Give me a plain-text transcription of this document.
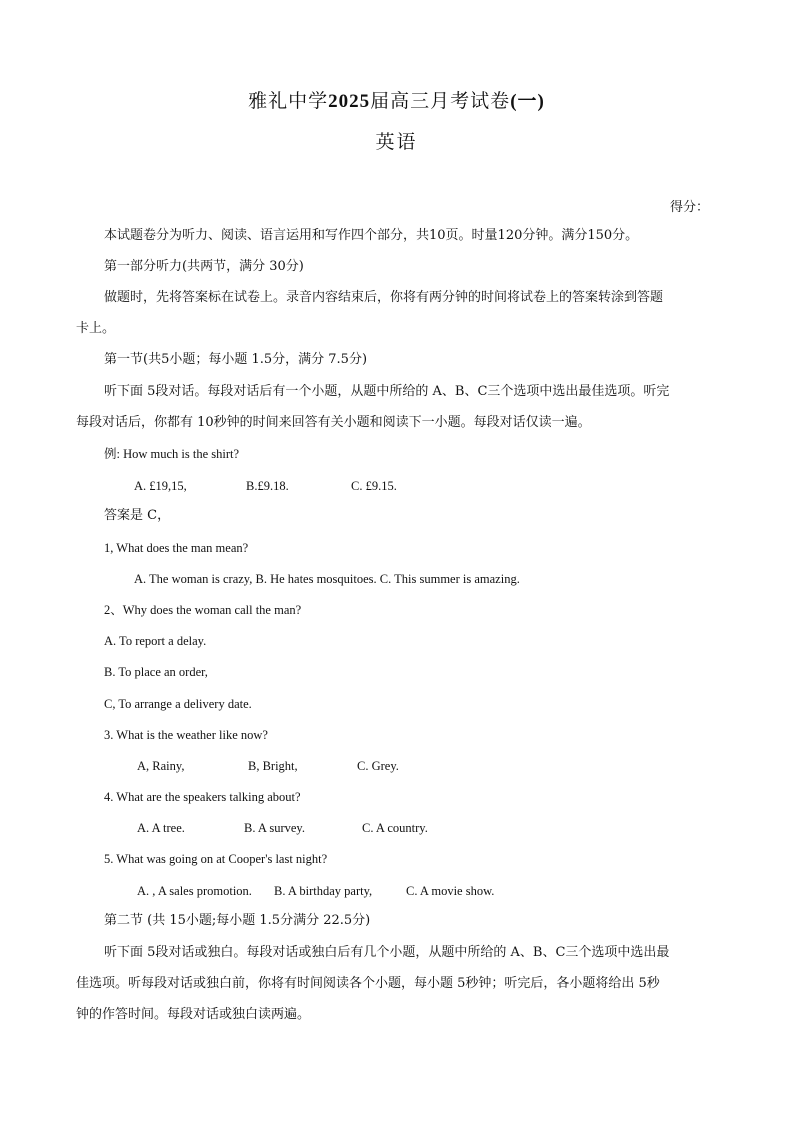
雅礼中学2025届高三月考试卷(一)
英语
得分：
本试题卷分为听力、阅读、语言运用和写作四个部分，共10页。时量120分钟。满分150分。
第一部分听力(共两节，满分 30分)
做题时，先将答案标在试卷上。录音内容结束后，你将有两分钟的时间将试卷上的答案转涂到答题
卡上。
第一节(共5小题；每小题 1.5分，满分 7.5分)
听下面 5段对话。每段对话后有一个小题，从题中所给的 A、B、C三个选项中选出最佳选项。听完
每段对话后，你都有 10秒钟的时间来回答有关小题和阅读下一小题。每段对话仅读一遍。
例: How much is the shirt?
A. £19,15,	B.£9.18.	C. £9.15.
答案是 C，
1, What does the man mean?
A. The woman is crazy, B. He hates mosquitoes. C. This summer is amazing.
2、Why does the woman call the man?
A. To report a delay.
B. To place an order,
C, To arrange a delivery date.
3. What is the weather like now?
A, Rainy,	B, Bright,	C. Grey.
4. What are the speakers talking about?
A. A tree.	B. A survey.	C. A country.
5. What was going on at Cooper's last night?
A. , A sales promotion. B. A birthday party,	C. A movie show.
第二节 (共 15小题;每小题 1.5分满分 22.5分)
听下面 5段对话或独白。每段对话或独白后有几个小题，从题中所给的 A、B、C三个选项中选出最
佳选项。听每段对话或独白前，你将有时间阅读各个小题，每小题 5秒钟；听完后，各小题将给出 5秒
钟的作答时间。每段对话或独白读两遍。
